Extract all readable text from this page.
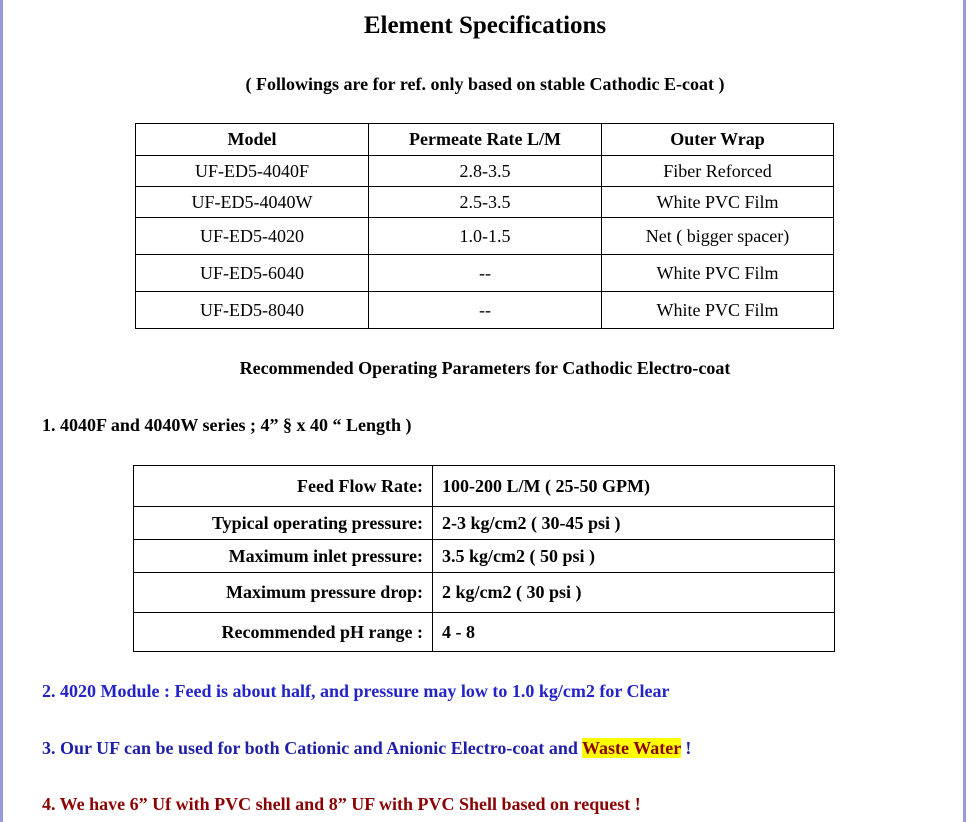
Element Specifications
( Followings are for ref. only based on stable Cathodic E-coat )
Model	Permeate Rate L/M	Outer Wrap
UF-ED5-4040F	2.8-3.5	Fiber Reforced
UF-ED5-4040W	2.5-3.5	White PVC Film
UF-ED5-4020	1.0-1.5	Net ( bigger spacer)
UF-ED5-6040	--	White PVC Film
UF-ED5-8040	--	White PVC Film
Recommended Operating Parameters for Cathodic Electro-coat
1. 4040F and 4040W series ; 4” § x 40 “ Length )
Feed Flow Rate:	100-200 L/M ( 25-50 GPM)
Typical operating pressure:	2-3 kg/cm2 ( 30-45 psi )
Maximum inlet pressure:	3.5 kg/cm2 ( 50 psi )
Maximum pressure drop:	2 kg/cm2 ( 30 psi )
Recommended pH range :	4 - 8
2. 4020 Module : Feed is about half, and pressure may low to 1.0 kg/cm2 for Clear
3. Our UF can be used for both Cationic and Anionic Electro-coat and Waste Water !
4. We have 6” Uf with PVC shell and 8” UF with PVC Shell based on request !
